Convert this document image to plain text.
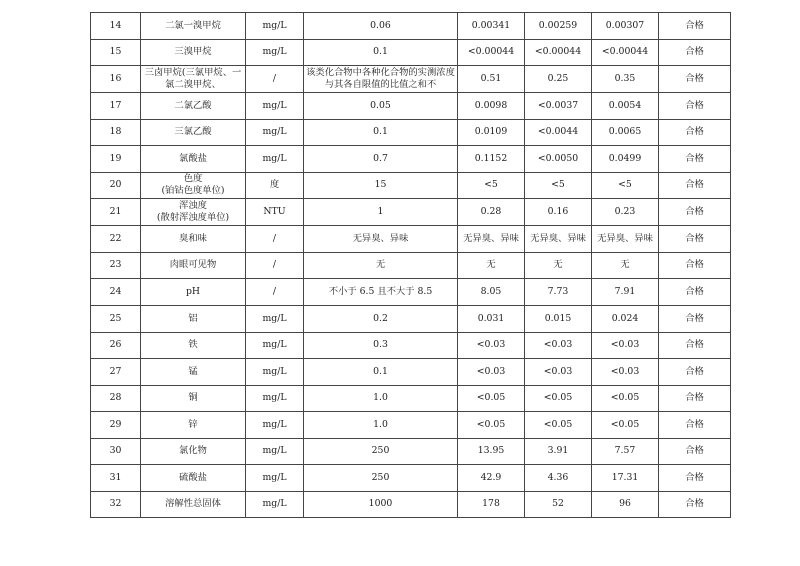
14	二氯一溴甲烷	mg/L	0.06	0.00341	0.00259	0.00307	合格
15	三溴甲烷	mg/L	0.1	<0.00044	<0.00044	<0.00044	合格
16	三卤甲烷(三氯甲烷、一氯二溴甲烷、	/	该类化合物中各种化合物的实测浓度与其各自限值的比值之和不	0.51	0.25	0.35	合格
17	二氯乙酸	mg/L	0.05	0.0098	<0.0037	0.0054	合格
18	三氯乙酸	mg/L	0.1	0.0109	<0.0044	0.0065	合格
19	氯酸盐	mg/L	0.7	0.1152	<0.0050	0.0499	合格
20	色度
(铂钴色度单位)	度	15	<5	<5	<5	合格
21	浑浊度
(散射浑浊度单位)	NTU	1	0.28	0.16	0.23	合格
22	臭和味	/	无异臭、异味	无异臭、异味	无异臭、异味	无异臭、异味	合格
23	肉眼可见物	/	无	无	无	无	合格
24	pH	/	不小于 6.5 且不大于 8.5	8.05	7.73	7.91	合格
25	铝	mg/L	0.2	0.031	0.015	0.024	合格
26	铁	mg/L	0.3	<0.03	<0.03	<0.03	合格
27	锰	mg/L	0.1	<0.03	<0.03	<0.03	合格
28	铜	mg/L	1.0	<0.05	<0.05	<0.05	合格
29	锌	mg/L	1.0	<0.05	<0.05	<0.05	合格
30	氯化物	mg/L	250	13.95	3.91	7.57	合格
31	硫酸盐	mg/L	250	42.9	4.36	17.31	合格
32	溶解性总固体	mg/L	1000	178	52	96	合格
